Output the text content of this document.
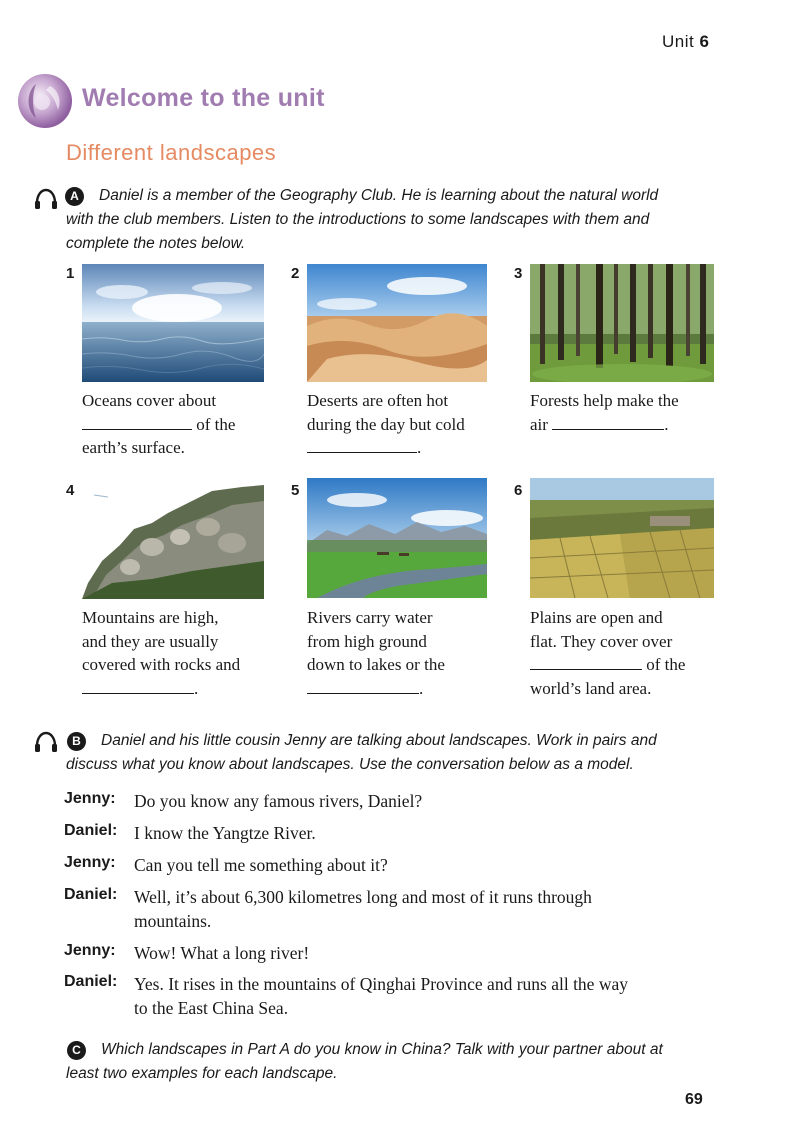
Unit 6
Welcome to the unit
Different landscapes
A	Daniel is a member of the Geography Club. He is learning about the natural world
with the club members. Listen to the introductions to some landscapes with them and
complete the notes below.
1	2	3
4	5	6
Oceans cover about
of the
earth’s surface.
Deserts are often hot
during the day but cold
.
Forests help make the
air	.
Mountains are high,
and they are usually
covered with rocks and
.
Rivers carry water
from high ground
down to lakes or the
.
Plains are open and
flat. They cover over
of the
world’s land area.
B	Daniel and his little cousin Jenny are talking about landscapes. Work in pairs and
discuss what you know about landscapes. Use the conversation below as a model.
Jenny: Do you know any famous rivers, Daniel?
Daniel: I know the Yangtze River.
Jenny: Can you tell me something about it?
Daniel: Well, it’s about 6,300 kilometres long and most of it runs through
mountains.
Jenny: Wow! What a long river!
Daniel: Yes. It rises in the mountains of Qinghai Province and runs all the way
to the East China Sea.
C	Which landscapes in Part A do you know in China? Talk with your partner about at
least two examples for each landscape.
69
